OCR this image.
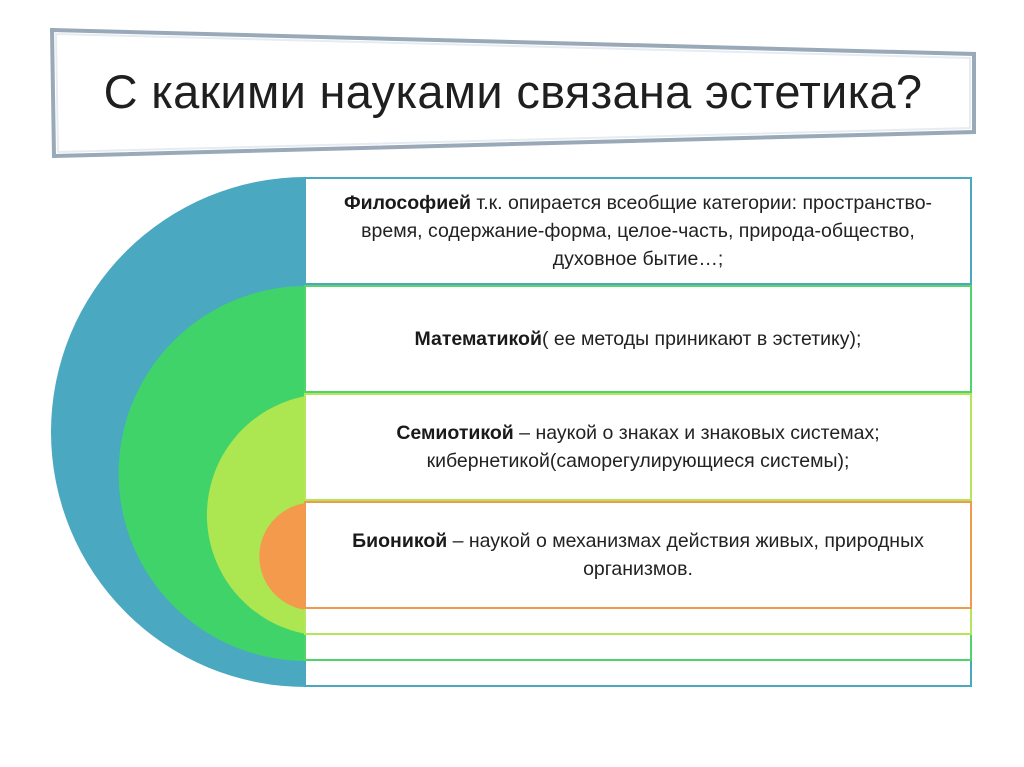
С какими науками связана эстетика?
Философией т.к. опирается всеобщие категории: пространство-время, содержание-форма, целое-часть, природа-общество, духовное бытие…;
Математикой( ее методы приникают в эстетику);
Семиотикой – наукой о знаках и знаковых системах; кибернетикой(саморегулирующиеся системы);
Бионикой – наукой о механизмах действия живых, природных организмов.
